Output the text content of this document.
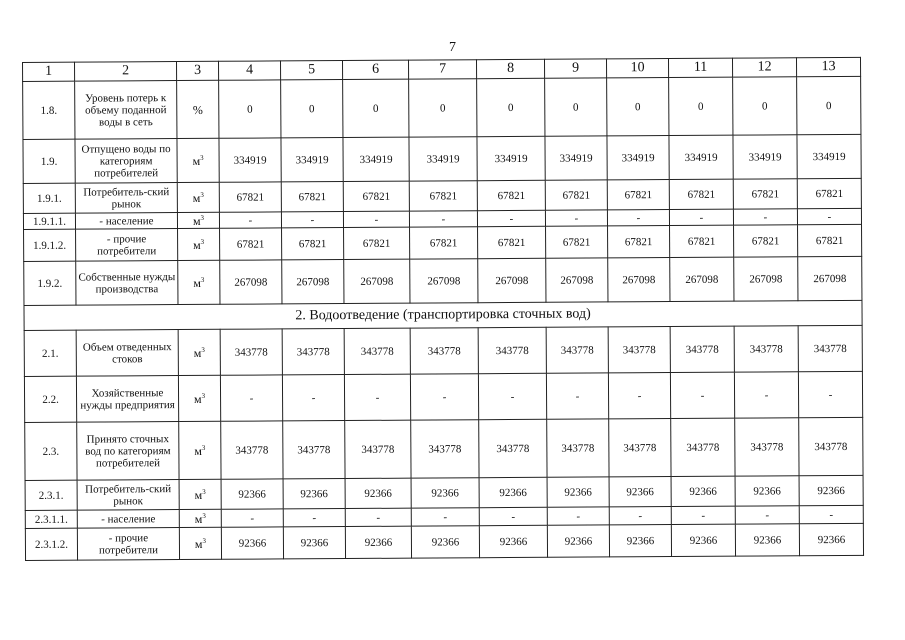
7
1	2	3	4	5	6	7	8	9	10	11	12	13
1.8.	Уровень потерь к объему поданной воды в сеть	%	0	0	0	0	0	0	0	0	0	0
1.9.	Отпущено воды по категориям потребителей	$м^3$	334919	334919	334919	334919	334919	334919	334919	334919	334919	334919
1.9.1.	Потребитель-ский рынок	$м^3$	67821	67821	67821	67821	67821	67821	67821	67821	67821	67821
1.9.1.1.	- население	$м^3$	-	-	-	-	-	-	-	-	-	-
1.9.1.2.	- прочие потребители	$м^3$	67821	67821	67821	67821	67821	67821	67821	67821	67821	67821
1.9.2.	Собственные нужды производства	$м^3$	267098	267098	267098	267098	267098	267098	267098	267098	267098	267098
2. Водоотведение (транспортировка сточных вод)												
2.1.	Объем отведенных стоков	$м^3$	343778	343778	343778	343778	343778	343778	343778	343778	343778	343778
2.2.	Хозяйственные нужды предприятия	$м^3$	-	-	-	-	-	-	-	-	-	-
2.3.	Принято сточных вод по категориям потребителей	$м^3$	343778	343778	343778	343778	343778	343778	343778	343778	343778	343778
2.3.1.	Потребитель-ский рынок	$м^3$	92366	92366	92366	92366	92366	92366	92366	92366	92366	92366
2.3.1.1.	- население	$м^3$	-	-	-	-	-	-	-	-	-	-
2.3.1.2.	- прочие потребители	$м^3$	92366	92366	92366	92366	92366	92366	92366	92366	92366	92366
